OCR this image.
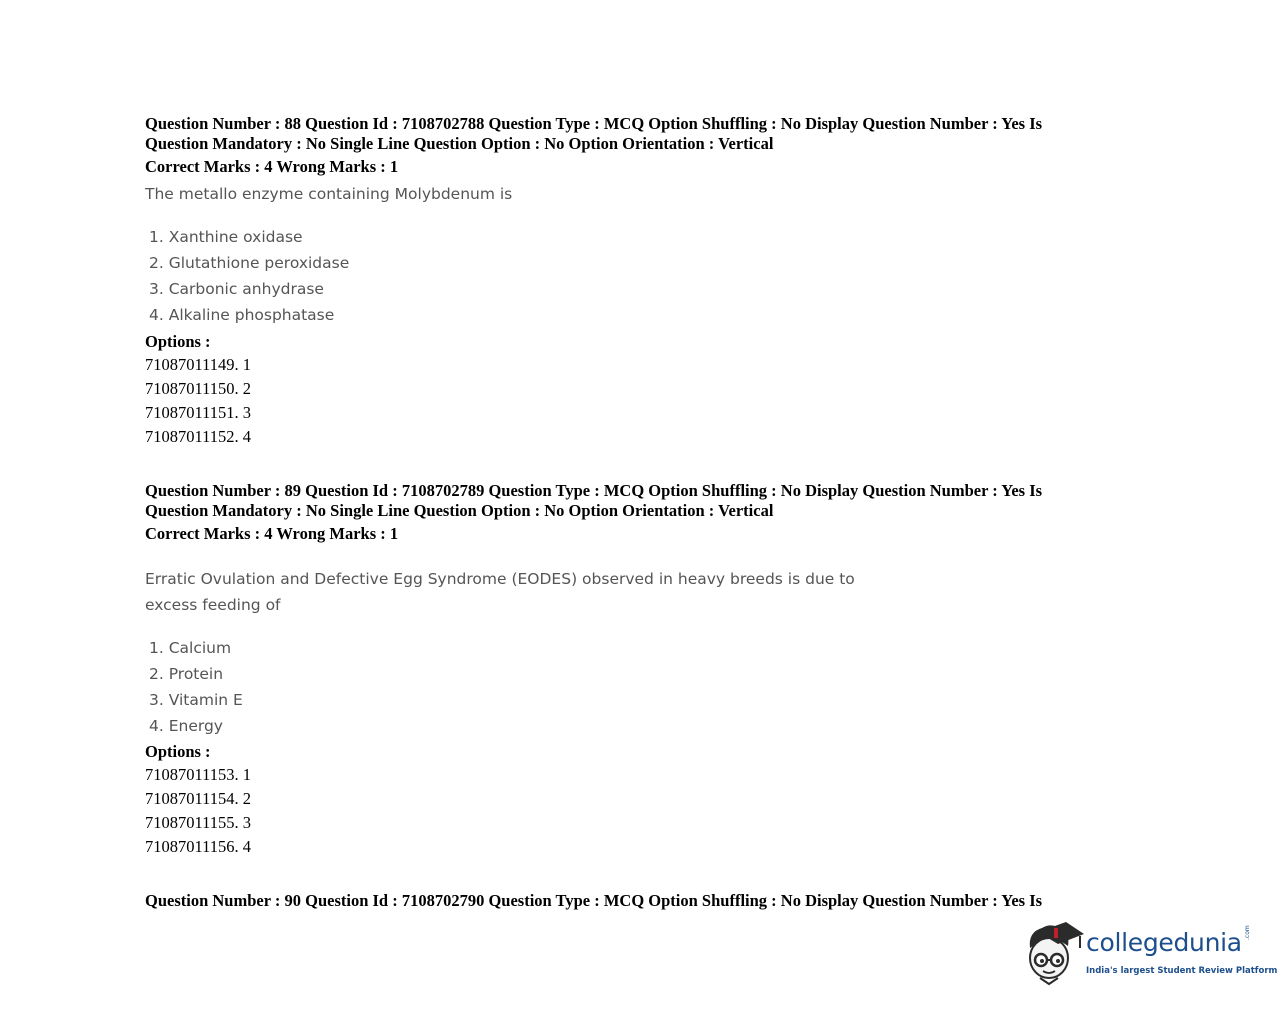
Question Number : 88 Question Id : 7108702788 Question Type : MCQ Option Shuffling : No Display Question Number : Yes Is
Question Mandatory : No Single Line Question Option : No Option Orientation : Vertical
Correct Marks : 4 Wrong Marks : 1
The metallo enzyme containing Molybdenum is
1. Xanthine oxidase
2. Glutathione peroxidase
3. Carbonic anhydrase
4. Alkaline phosphatase
Options :
71087011149. 1
71087011150. 2
71087011151. 3
71087011152. 4
Question Number : 89 Question Id : 7108702789 Question Type : MCQ Option Shuffling : No Display Question Number : Yes Is
Question Mandatory : No Single Line Question Option : No Option Orientation : Vertical
Correct Marks : 4 Wrong Marks : 1
Erratic Ovulation and Defective Egg Syndrome (EODES) observed in heavy breeds is due to
excess feeding of
1. Calcium
2. Protein
3. Vitamin E
4. Energy
Options :
71087011153. 1
71087011154. 2
71087011155. 3
71087011156. 4
Question Number : 90 Question Id : 7108702790 Question Type : MCQ Option Shuffling : No Display Question Number : Yes Is
collegedunia .com
India's largest Student Review Platform
